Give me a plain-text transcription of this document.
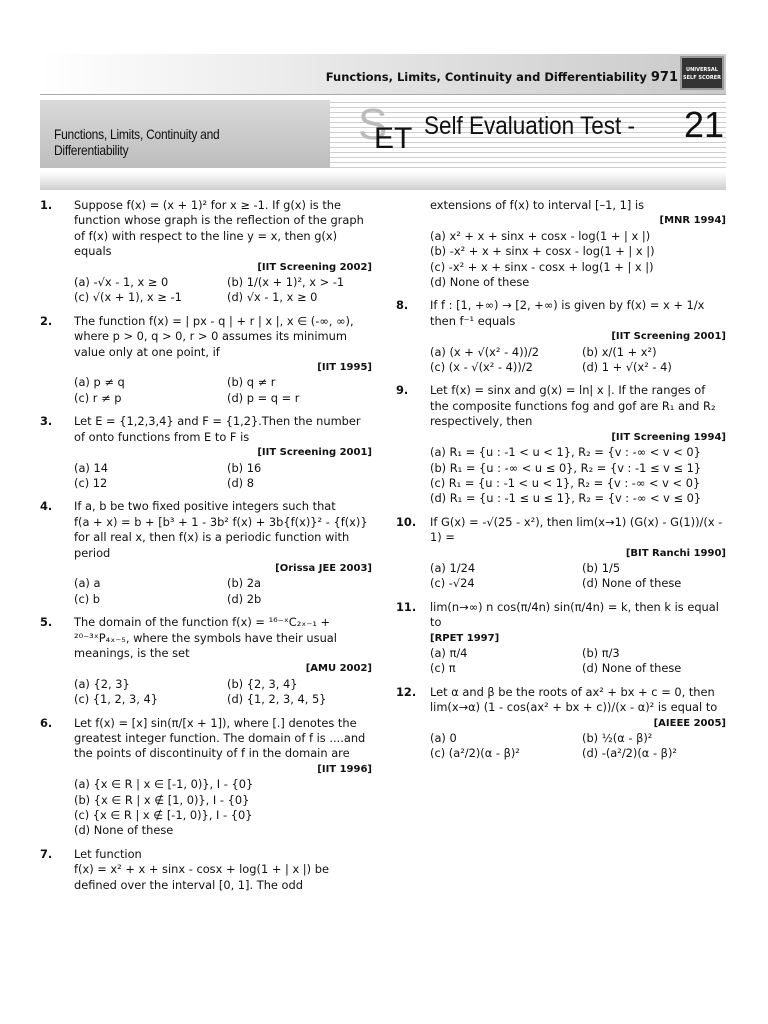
Functions, Limits, Continuity and Differentiability 971	UNIVERSAL SELF SCORER
Functions, Limits, Continuity and Differentiability
S
ET Self Evaluation Test - 21
1. Suppose f(x) = (x + 1)² for x ≥ -1. If g(x) is the function whose graph is the reflection of the graph of f(x) with respect to the line y = x, then g(x) equals
[IIT Screening 2002]
(a) -√x - 1, x ≥ 0	(b) 1/(x + 1)², x > -1
(c) √(x + 1), x ≥ -1	(d) √x - 1, x ≥ 0
2. The function f(x) = | px - q | + r | x |, x ∈ (-∞, ∞), where p > 0, q > 0, r > 0 assumes its minimum value only at one point, if
[IIT 1995]
(a) p ≠ q	(b) q ≠ r
(c) r ≠ p	(d) p = q = r
3. Let E = {1,2,3,4} and F = {1,2}.Then the number of onto functions from E to F is
[IIT Screening 2001]
(a) 14	(b) 16
(c) 12	(d) 8
4. If a, b be two fixed positive integers such that
f(a + x) = b + [b³ + 1 - 3b² f(x) + 3b{f(x)}² - {f(x)}
for all real x, then f(x) is a periodic function with period
[Orissa JEE 2003]
(a) a	(b) 2a
(c) b	(d) 2b
5. The domain of the function f(x) = ¹⁶⁻ˣC₂ₓ₋₁ + ²⁰⁻³ˣP₄ₓ₋₅, where the symbols have their usual meanings, is the set
[AMU 2002]
(a) {2, 3}	(b) {2, 3, 4}
(c) {1, 2, 3, 4}	(d) {1, 2, 3, 4, 5}
6. Let f(x) = [x] sin(π/[x + 1]), where [.] denotes the greatest integer function. The domain of f is ....and the points of discontinuity of f in the domain are
[IIT 1996]
(a) {x ∈ R | x ∈ [-1, 0)}, I - {0}
(b) {x ∈ R | x ∉ [1, 0)}, I - {0}
(c) {x ∈ R | x ∉ [-1, 0)}, I - {0}
(d) None of these
7. Let function
f(x) = x² + x + sinx - cosx + log(1 + | x |) be defined over the interval [0, 1]. The odd
extensions of f(x) to interval [–1, 1] is
[MNR 1994]
(a) x² + x + sinx + cosx - log(1 + | x |)
(b) -x² + x + sinx + cosx - log(1 + | x |)
(c) -x² + x + sinx - cosx + log(1 + | x |)
(d) None of these
8. If f : [1, +∞) → [2, +∞) is given by f(x) = x + 1/x then f⁻¹ equals
[IIT Screening 2001]
(a) (x + √(x² - 4))/2	(b) x/(1 + x²)
(c) (x - √(x² - 4))/2	(d) 1 + √(x² - 4)
9. Let f(x) = sinx and g(x) = ln| x |. If the ranges of the composite functions fog and gof are R₁ and R₂ respectively, then
[IIT Screening 1994]
(a) R₁ = {u : -1 < u < 1}, R₂ = {v : -∞ < v < 0}
(b) R₁ = {u : -∞ < u ≤ 0}, R₂ = {v : -1 ≤ v ≤ 1}
(c) R₁ = {u : -1 < u < 1}, R₂ = {v : -∞ < v < 0}
(d) R₁ = {u : -1 ≤ u ≤ 1}, R₂ = {v : -∞ < v ≤ 0}
10. If G(x) = -√(25 - x²), then lim(x→1) (G(x) - G(1))/(x - 1) =
[BIT Ranchi 1990]
(a) 1/24	(b) 1/5
(c) -√24	(d) None of these
11. lim(n→∞) n cos(π/4n) sin(π/4n) = k, then k is equal to
[RPET 1997]
(a) π/4	(b) π/3
(c) π	(d) None of these
12. Let α and β be the roots of ax² + bx + c = 0, then
lim(x→α) (1 - cos(ax² + bx + c))/(x - α)² is equal to
[AIEEE 2005]
(a) 0	(b) ½(α - β)²
(c) (a²/2)(α - β)²	(d) -(a²/2)(α - β)²
